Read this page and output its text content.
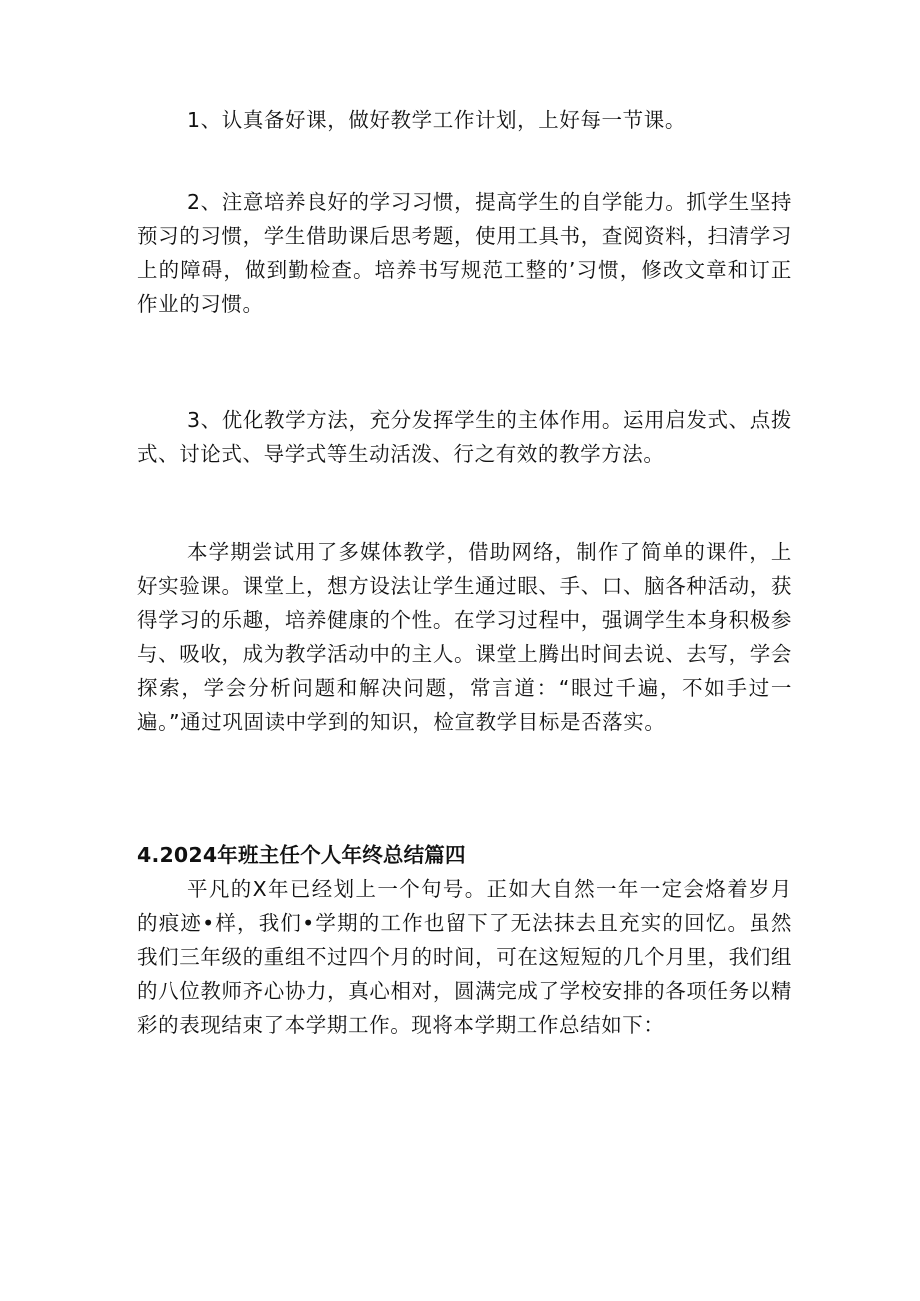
1、认真备好课，做好教学工作计划，上好每一节课。

2、注意培养良好的学习习惯，提高学生的自学能力。抓学生坚持预习的习惯，学生借助课后思考题，使用工具书，查阅资料，扫清学习上的障碍，做到勤检查。培养书写规范工整的’习惯，修改文章和订正作业的习惯。

3、优化教学方法，充分发挥学生的主体作用。运用启发式、点拨式、讨论式、导学式等生动活泼、行之有效的教学方法。

本学期尝试用了多媒体教学，借助网络，制作了简单的课件，上好实验课。课堂上，想方设法让学生通过眼、手、口、脑各种活动，获得学习的乐趣，培养健康的个性。在学习过程中，强调学生本身积极参与、吸收，成为教学活动中的主人。课堂上腾出时间去说、去写，学会探索，学会分析问题和解决问题，常言道：“眼过千遍，不如手过一遍。”通过巩固读中学到的知识，检宣教学目标是否落实。

4.2024年班主任个人年终总结篇四

平凡的X年已经划上一个句号。正如大自然一年一定会烙着岁月的痕迹•样，我们•学期的工作也留下了无法抹去且充实的回忆。虽然我们三年级的重组不过四个月的时间，可在这短短的几个月里，我们组的八位教师齐心协力，真心相对，圆满完成了学校安排的各项任务以精彩的表现结束了本学期工作。现将本学期工作总结如下：
